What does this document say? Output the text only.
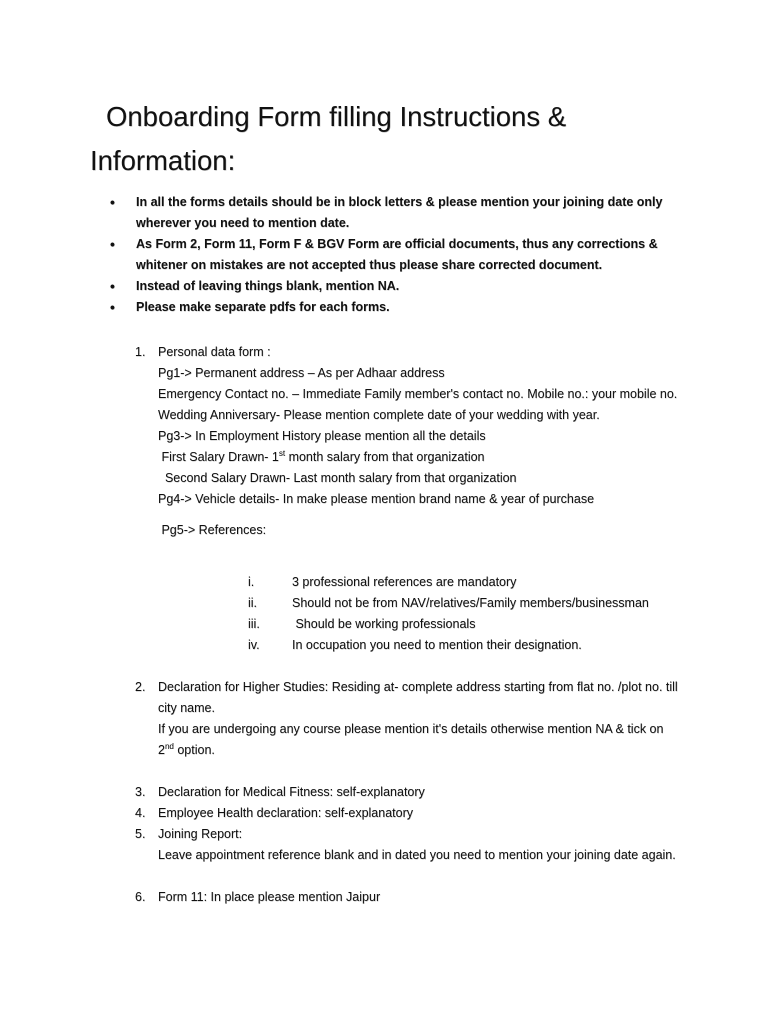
Onboarding Form filling Instructions &
Information:
• In all the forms details should be in block letters & please mention your joining date only wherever you need to mention date.
• As Form 2, Form 11, Form F & BGV Form are official documents, thus any corrections & whitener on mistakes are not accepted thus please share corrected document.
• Instead of leaving things blank, mention NA.
• Please make separate pdfs for each forms.
1. Personal data form :
Pg1-> Permanent address – As per Adhaar address
Emergency Contact no. – Immediate Family member's contact no. Mobile no.: your mobile no.
Wedding Anniversary- Please mention complete date of your wedding with year.
Pg3-> In Employment History please mention all the details
First Salary Drawn- 1st month salary from that organization
Second Salary Drawn- Last month salary from that organization
Pg4-> Vehicle details- In make please mention brand name & year of purchase
Pg5-> References:
i.	3 professional references are mandatory
ii.	Should not be from NAV/relatives/Family members/businessman
iii.	Should be working professionals
iv.	In occupation you need to mention their designation.
2. Declaration for Higher Studies: Residing at- complete address starting from flat no. /plot no. till city name.
If you are undergoing any course please mention it's details otherwise mention NA & tick on
2nd option.
3. Declaration for Medical Fitness: self-explanatory
4. Employee Health declaration: self-explanatory
5. Joining Report:
Leave appointment reference blank and in dated you need to mention your joining date again.
6. Form 11: In place please mention Jaipur
